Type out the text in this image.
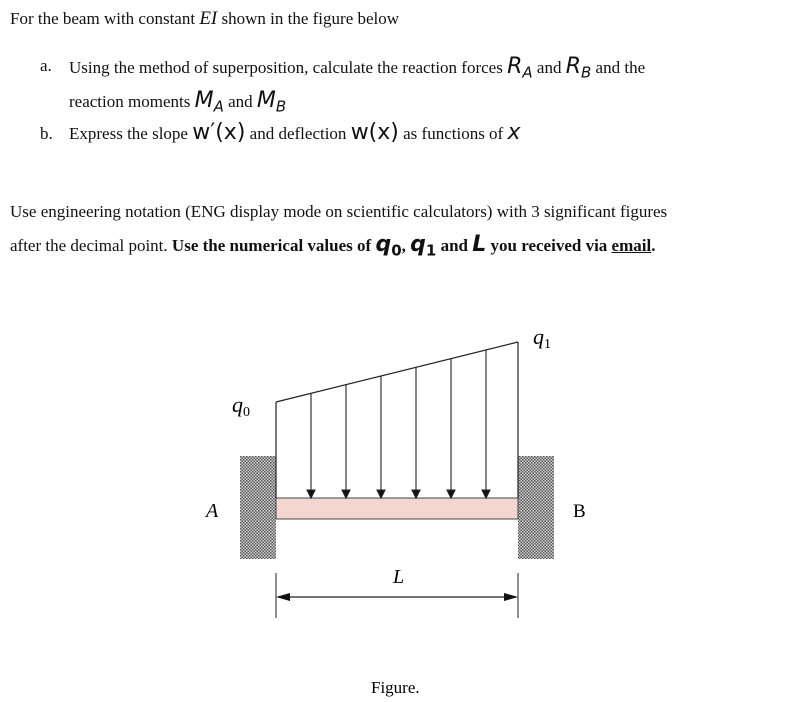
For the beam with constant EI shown in the figure below
a. Using the method of superposition, calculate the reaction forces $R_A$ and $R_B$ and the
reaction moments $M_A$ and $M_B$
b. Express the slope w′(x) and deflection w(x) as functions of x
Use engineering notation (ENG display mode on scientific calculators) with 3 significant figures
after the decimal point. Use the numerical values of $q_0$, $q_1$ and L you received via email.
q0
q1
A	B
L
Figure.
